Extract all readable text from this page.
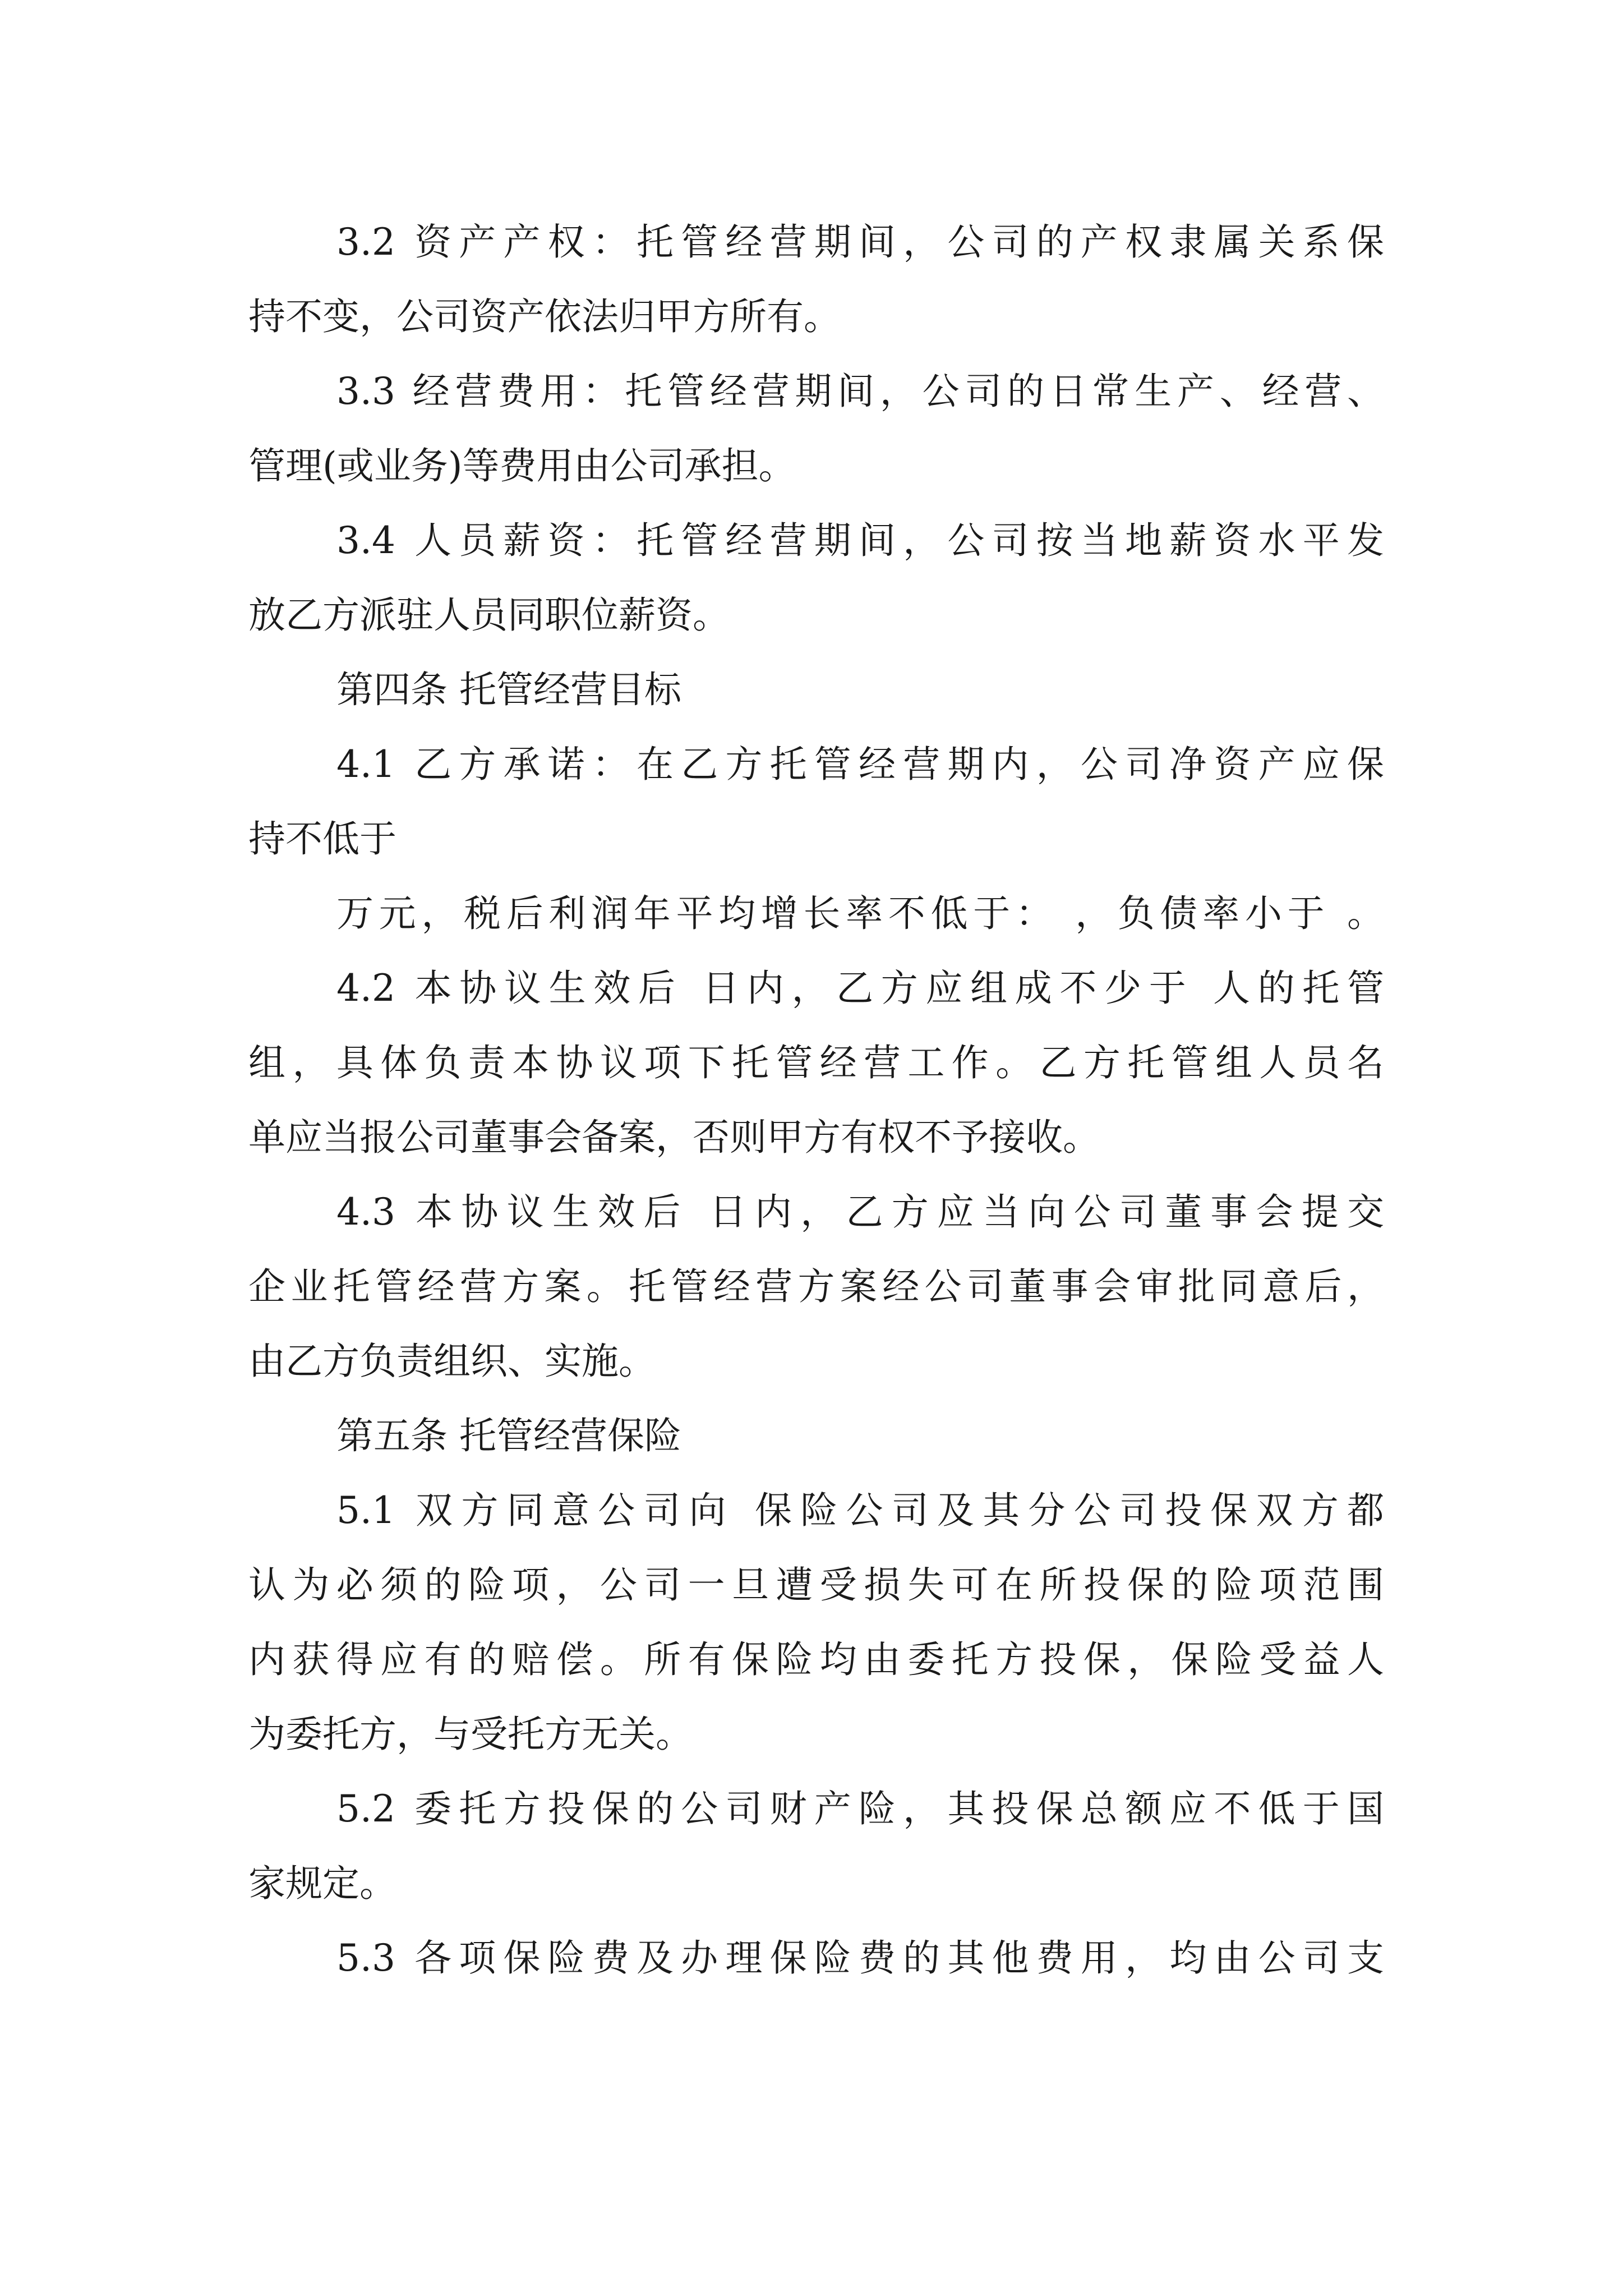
3.2 资产产权：托管经营期间，公司的产权隶属关系保
持不变，公司资产依法归甲方所有。
3.3 经营费用：托管经营期间，公司的日常生产、经营、
管理(或业务)等费用由公司承担。
3.4 人员薪资：托管经营期间，公司按当地薪资水平发
放乙方派驻人员同职位薪资。
第四条 托管经营目标
4.1 乙方承诺：在乙方托管经营期内，公司净资产应保
持不低于
万元，税后利润年平均增长率不低于： ，负债率小于 。
4.2 本协议生效后 日内，乙方应组成不少于 人的托管
组，具体负责本协议项下托管经营工作。乙方托管组人员名
单应当报公司董事会备案，否则甲方有权不予接收。
4.3 本协议生效后 日内，乙方应当向公司董事会提交
企业托管经营方案。托管经营方案经公司董事会审批同意后，
由乙方负责组织、实施。
第五条 托管经营保险
5.1 双方同意公司向 保险公司及其分公司投保双方都
认为必须的险项，公司一旦遭受损失可在所投保的险项范围
内获得应有的赔偿。所有保险均由委托方投保，保险受益人
为委托方，与受托方无关。
5.2 委托方投保的公司财产险，其投保总额应不低于国
家规定。
5.3 各项保险费及办理保险费的其他费用，均由公司支
